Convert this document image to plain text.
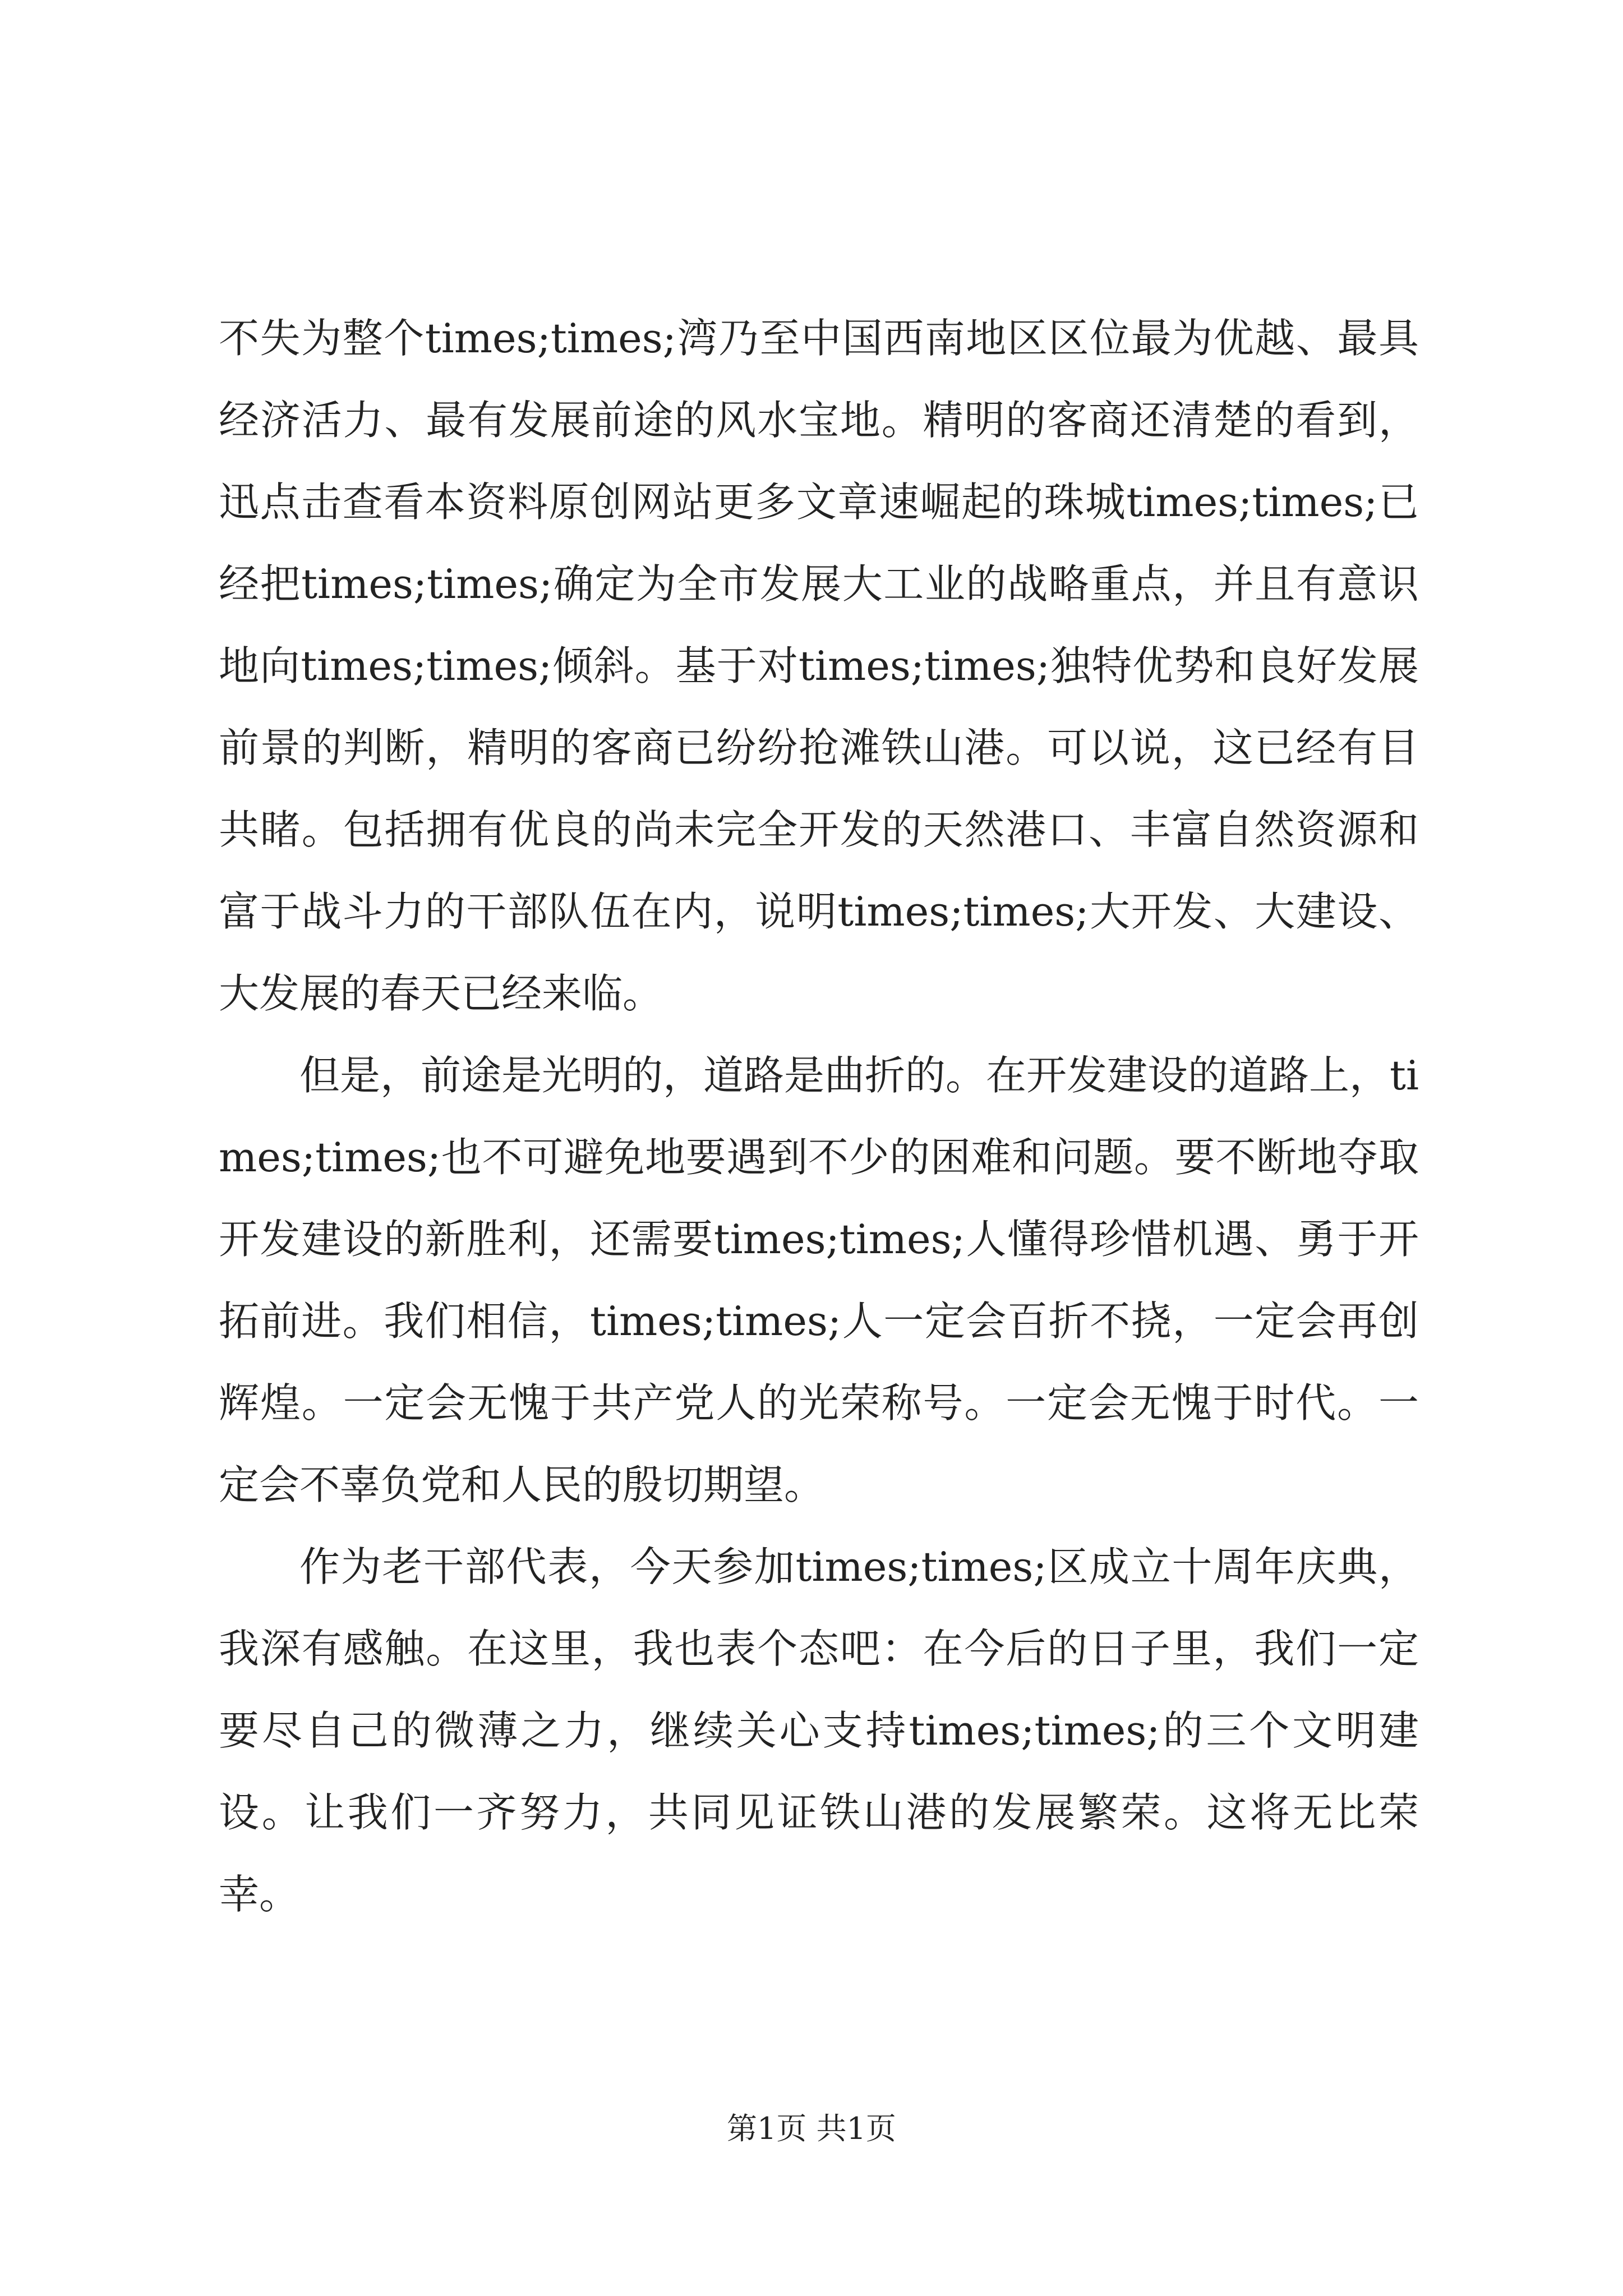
不失为整个times;times;湾乃至中国西南地区区位最为优越、最具经济活力、最有发展前途的风水宝地。精明的客商还清楚的看到，迅点击查看本资料原创网站更多文章速崛起的珠城times;times;已经把times;times;确定为全市发展大工业的战略重点，并且有意识地向times;times;倾斜。基于对times;times;独特优势和良好发展前景的判断，精明的客商已纷纷抢滩铁山港。可以说，这已经有目共睹。包括拥有优良的尚未完全开发的天然港口、丰富自然资源和富于战斗力的干部队伍在内，说明times;times;大开发、大建设、大发展的春天已经来临。

但是，前途是光明的，道路是曲折的。在开发建设的道路上，times;times;也不可避免地要遇到不少的困难和问题。要不断地夺取开发建设的新胜利，还需要times;times;人懂得珍惜机遇、勇于开拓前进。我们相信，times;times;人一定会百折不挠，一定会再创辉煌。一定会无愧于共产党人的光荣称号。一定会无愧于时代。一定会不辜负党和人民的殷切期望。

作为老干部代表，今天参加times;times;区成立十周年庆典，我深有感触。在这里，我也表个态吧：在今后的日子里，我们一定要尽自己的微薄之力，继续关心支持times;times;的三个文明建设。让我们一齐努力，共同见证铁山港的发展繁荣。这将无比荣幸。

第1页 共1页
